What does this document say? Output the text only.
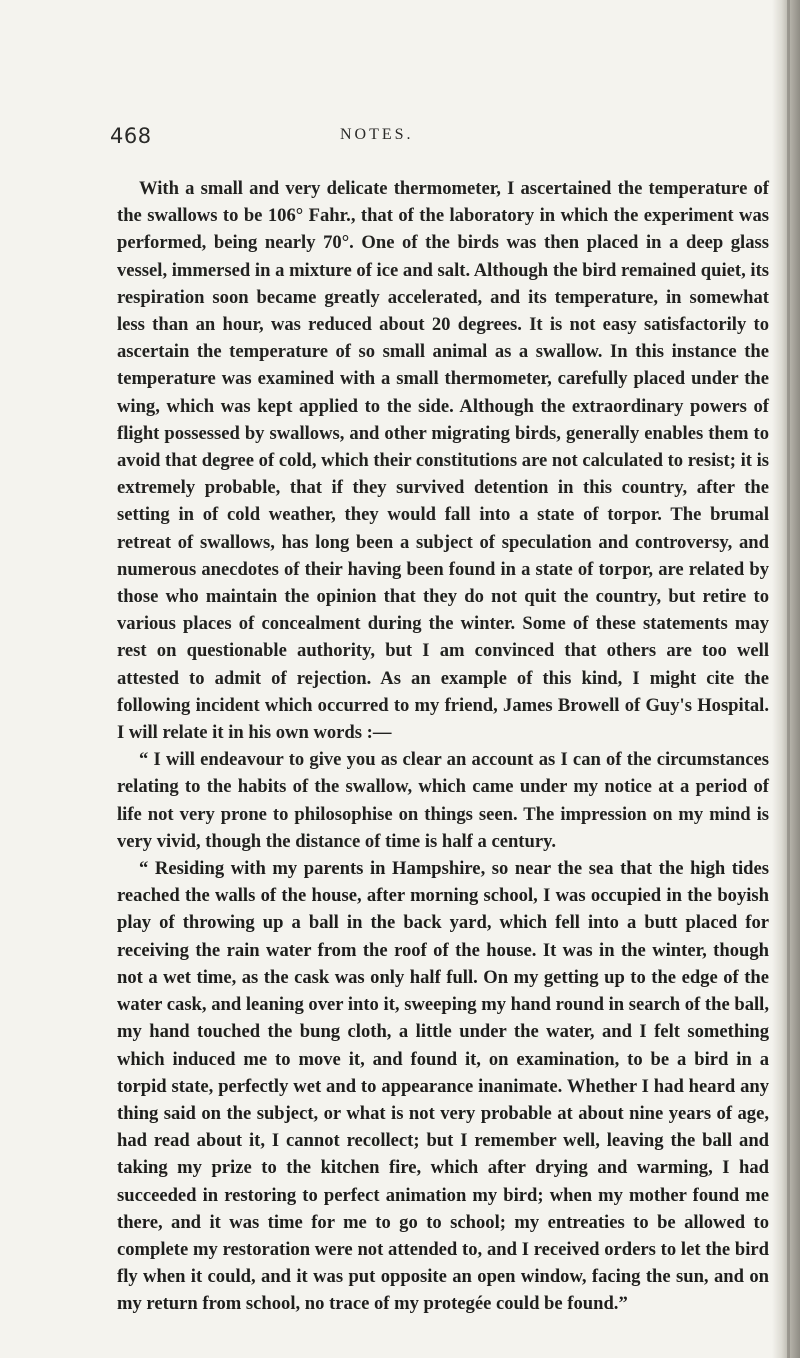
468	NOTES.

With a small and very delicate thermometer, I ascertained the temperature of the swallows to be 106° Fahr., that of the laboratory in which the experiment was performed, being nearly 70°. One of the birds was then placed in a deep glass vessel, immersed in a mixture of ice and salt. Although the bird remained quiet, its respiration soon became greatly accelerated, and its temperature, in somewhat less than an hour, was reduced about 20 degrees. It is not easy satisfactorily to ascertain the temperature of so small animal as a swallow. In this instance the temperature was examined with a small thermometer, carefully placed under the wing, which was kept applied to the side. Although the extraordinary powers of flight possessed by swallows, and other migrating birds, generally enables them to avoid that degree of cold, which their constitutions are not calculated to resist; it is extremely probable, that if they survived detention in this country, after the setting in of cold weather, they would fall into a state of torpor. The brumal retreat of swallows, has long been a subject of speculation and controversy, and numerous anecdotes of their having been found in a state of torpor, are related by those who maintain the opinion that they do not quit the country, but retire to various places of concealment during the winter. Some of these statements may rest on questionable authority, but I am convinced that others are too well attested to admit of rejection. As an example of this kind, I might cite the following incident which occurred to my friend, James Browell of Guy's Hospital. I will relate it in his own words :—

“ I will endeavour to give you as clear an account as I can of the circumstances relating to the habits of the swallow, which came under my notice at a period of life not very prone to philosophise on things seen. The impression on my mind is very vivid, though the distance of time is half a century.

“ Residing with my parents in Hampshire, so near the sea that the high tides reached the walls of the house, after morning school, I was occupied in the boyish play of throwing up a ball in the back yard, which fell into a butt placed for receiving the rain water from the roof of the house. It was in the winter, though not a wet time, as the cask was only half full. On my getting up to the edge of the water cask, and leaning over into it, sweeping my hand round in search of the ball, my hand touched the bung cloth, a little under the water, and I felt something which induced me to move it, and found it, on examination, to be a bird in a torpid state, perfectly wet and to appearance inanimate. Whether I had heard any thing said on the subject, or what is not very probable at about nine years of age, had read about it, I cannot recollect; but I remember well, leaving the ball and taking my prize to the kitchen fire, which after drying and warming, I had succeeded in restoring to perfect animation my bird; when my mother found me there, and it was time for me to go to school; my entreaties to be allowed to complete my restoration were not attended to, and I received orders to let the bird fly when it could, and it was put opposite an open window, facing the sun, and on my return from school, no trace of my protegée could be found.”
